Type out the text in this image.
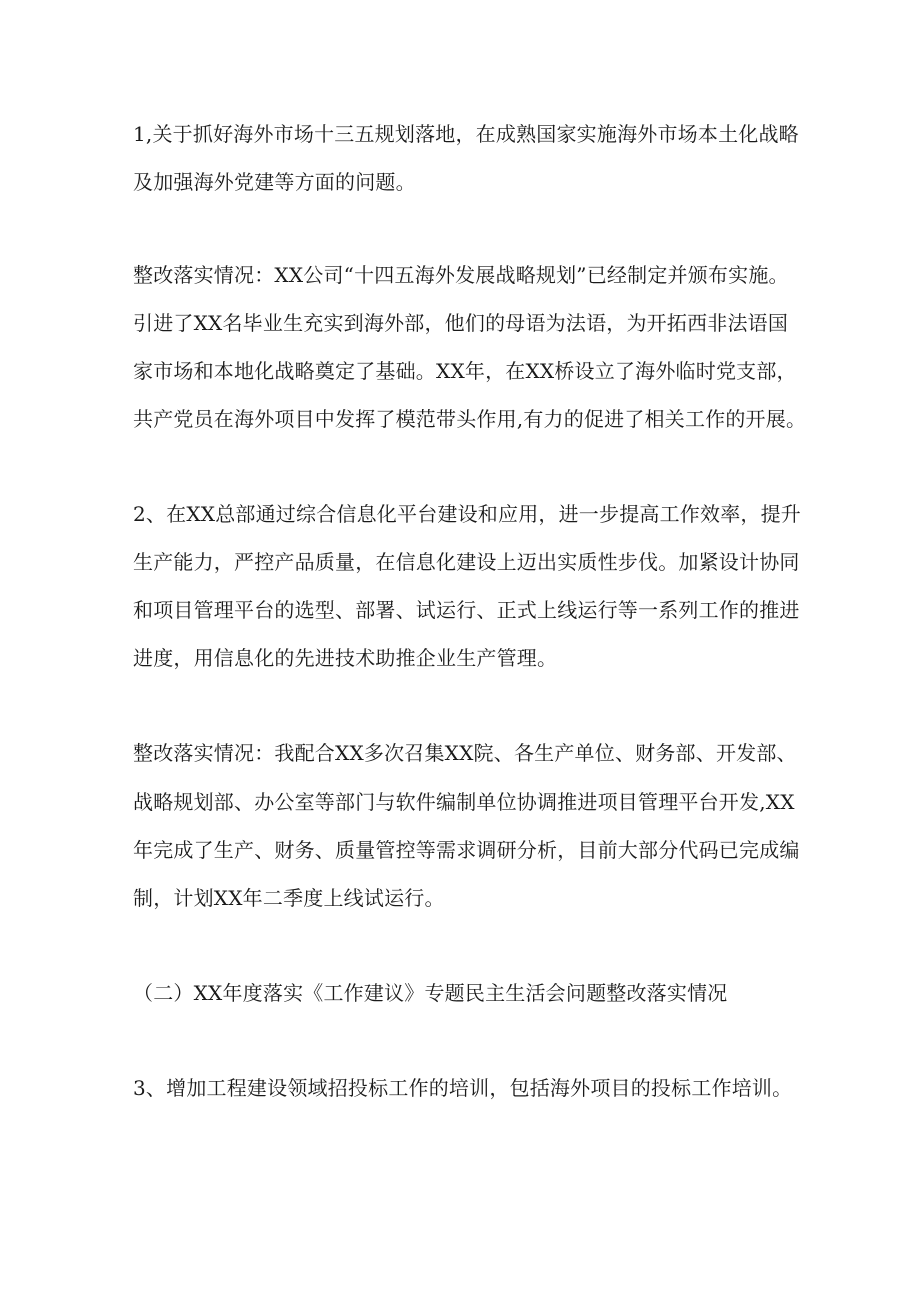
1,关于抓好海外市场十三五规划落地，在成熟国家实施海外市场本土化战略
及加强海外党建等方面的问题。
整改落实情况：XX公司“十四五海外发展战略规划”已经制定并颁布实施。
引进了XX名毕业生充实到海外部，他们的母语为法语，为开拓西非法语国
家市场和本地化战略奠定了基础。XX年，在XX桥设立了海外临时党支部，
共产党员在海外项目中发挥了模范带头作用,有力的促进了相关工作的开展。
2、在XX总部通过综合信息化平台建设和应用，进一步提高工作效率，提升
生产能力，严控产品质量，在信息化建设上迈出实质性步伐。加紧设计协同
和项目管理平台的选型、部署、试运行、正式上线运行等一系列工作的推进
进度，用信息化的先进技术助推企业生产管理。
整改落实情况：我配合XX多次召集XX院、各生产单位、财务部、开发部、
战略规划部、办公室等部门与软件编制单位协调推进项目管理平台开发,XX
年完成了生产、财务、质量管控等需求调研分析，目前大部分代码已完成编
制，计划XX年二季度上线试运行。
（二）XX年度落实《工作建议》专题民主生活会问题整改落实情况
3、增加工程建设领域招投标工作的培训，包括海外项目的投标工作培训。
